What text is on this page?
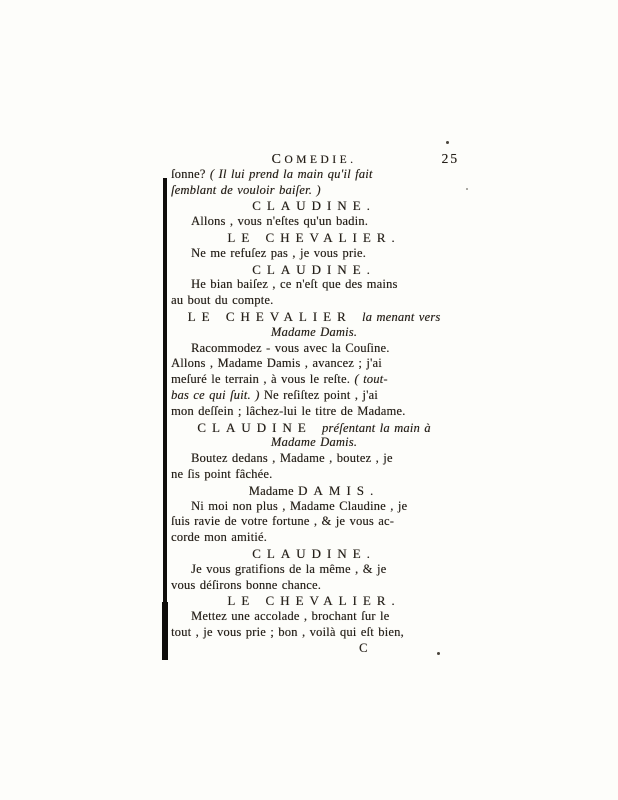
COMEDIE.	25
ſonne? ( Il lui prend la main qu'il fait
ſemblant de vouloir baiſer. )
CLAUDINE.
Allons , vous n'eſtes qu'un badin.
LE CHEVALIER.
Ne me refuſez pas , je vous prie.
CLAUDINE.
He bian baiſez , ce n'eſt que des mains
au bout du compte.
LE CHEVALIER la menant vers
Madame Damis.
Racommodez - vous avec la Couſine.
Allons , Madame Damis , avancez ; j'ai
meſuré le terrain , à vous le reſte. ( tout-
bas ce qui ſuit. ) Ne reſiſtez point , j'ai
mon deſſein ; lâchez-lui le titre de Madame.
CLAUDINE préſentant la main à
Madame Damis.
Boutez dedans , Madame , boutez , je
ne ſis point fâchée.
Madame DAMIS.
Ni moi non plus , Madame Claudine , je
ſuis ravie de votre fortune , & je vous ac-
corde mon amitié.
CLAUDINE.
Je vous gratifions de la même , & je
vous déſirons bonne chance.
LE CHEVALIER.
Mettez une accolade , brochant ſur le
tout , je vous prie ; bon , voilà qui eſt bien,
C
